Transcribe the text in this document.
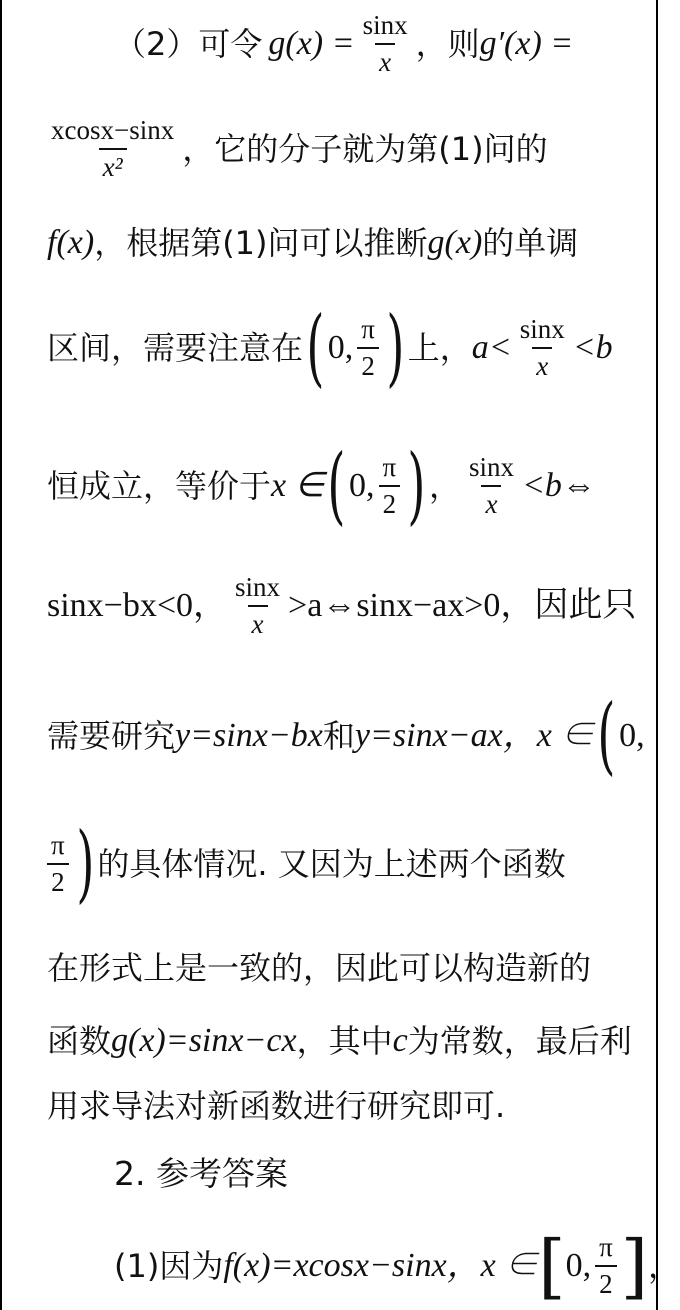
（2）可令 $g(x) = \frac{\sin x}{x}$ ，则 g′(x) =
$\frac{xcosx-\sin x}{\text{x²}}$ ，它的分子就为第(1)问的
f(x) ，根据第(1)问可以推断 g(x) 的单调
区间，需要注意在 ( 0, $\frac{\pi}{2}$ ) 上， $a< \frac{\sin x}{x} <b$
恒成立，等价于 x ∈ ( 0, $\frac{\pi}{2}$ ) ， $\frac{\sin x}{x}$ <b⇔
sinx−bx<0， $\frac{\sin x}{x}$ >a⇔sinx−ax>0，因此只
需要研究 y=sinx−bx 和 y=sinx−ax ，x ∈ ( 0,
$\frac{\pi}{2}$ ) 的具体情况. 又因为上述两个函数
在形式上是一致的，因此可以构造新的
函数 g(x)=sinx−cx ，其中 c 为常数，最后利
用求导法对新函数进行研究即可.
2. 参考答案
(1)因为 f(x)=xcosx−sinx ，x ∈ [ 0, $\frac{\pi}{2}$ ] ，
